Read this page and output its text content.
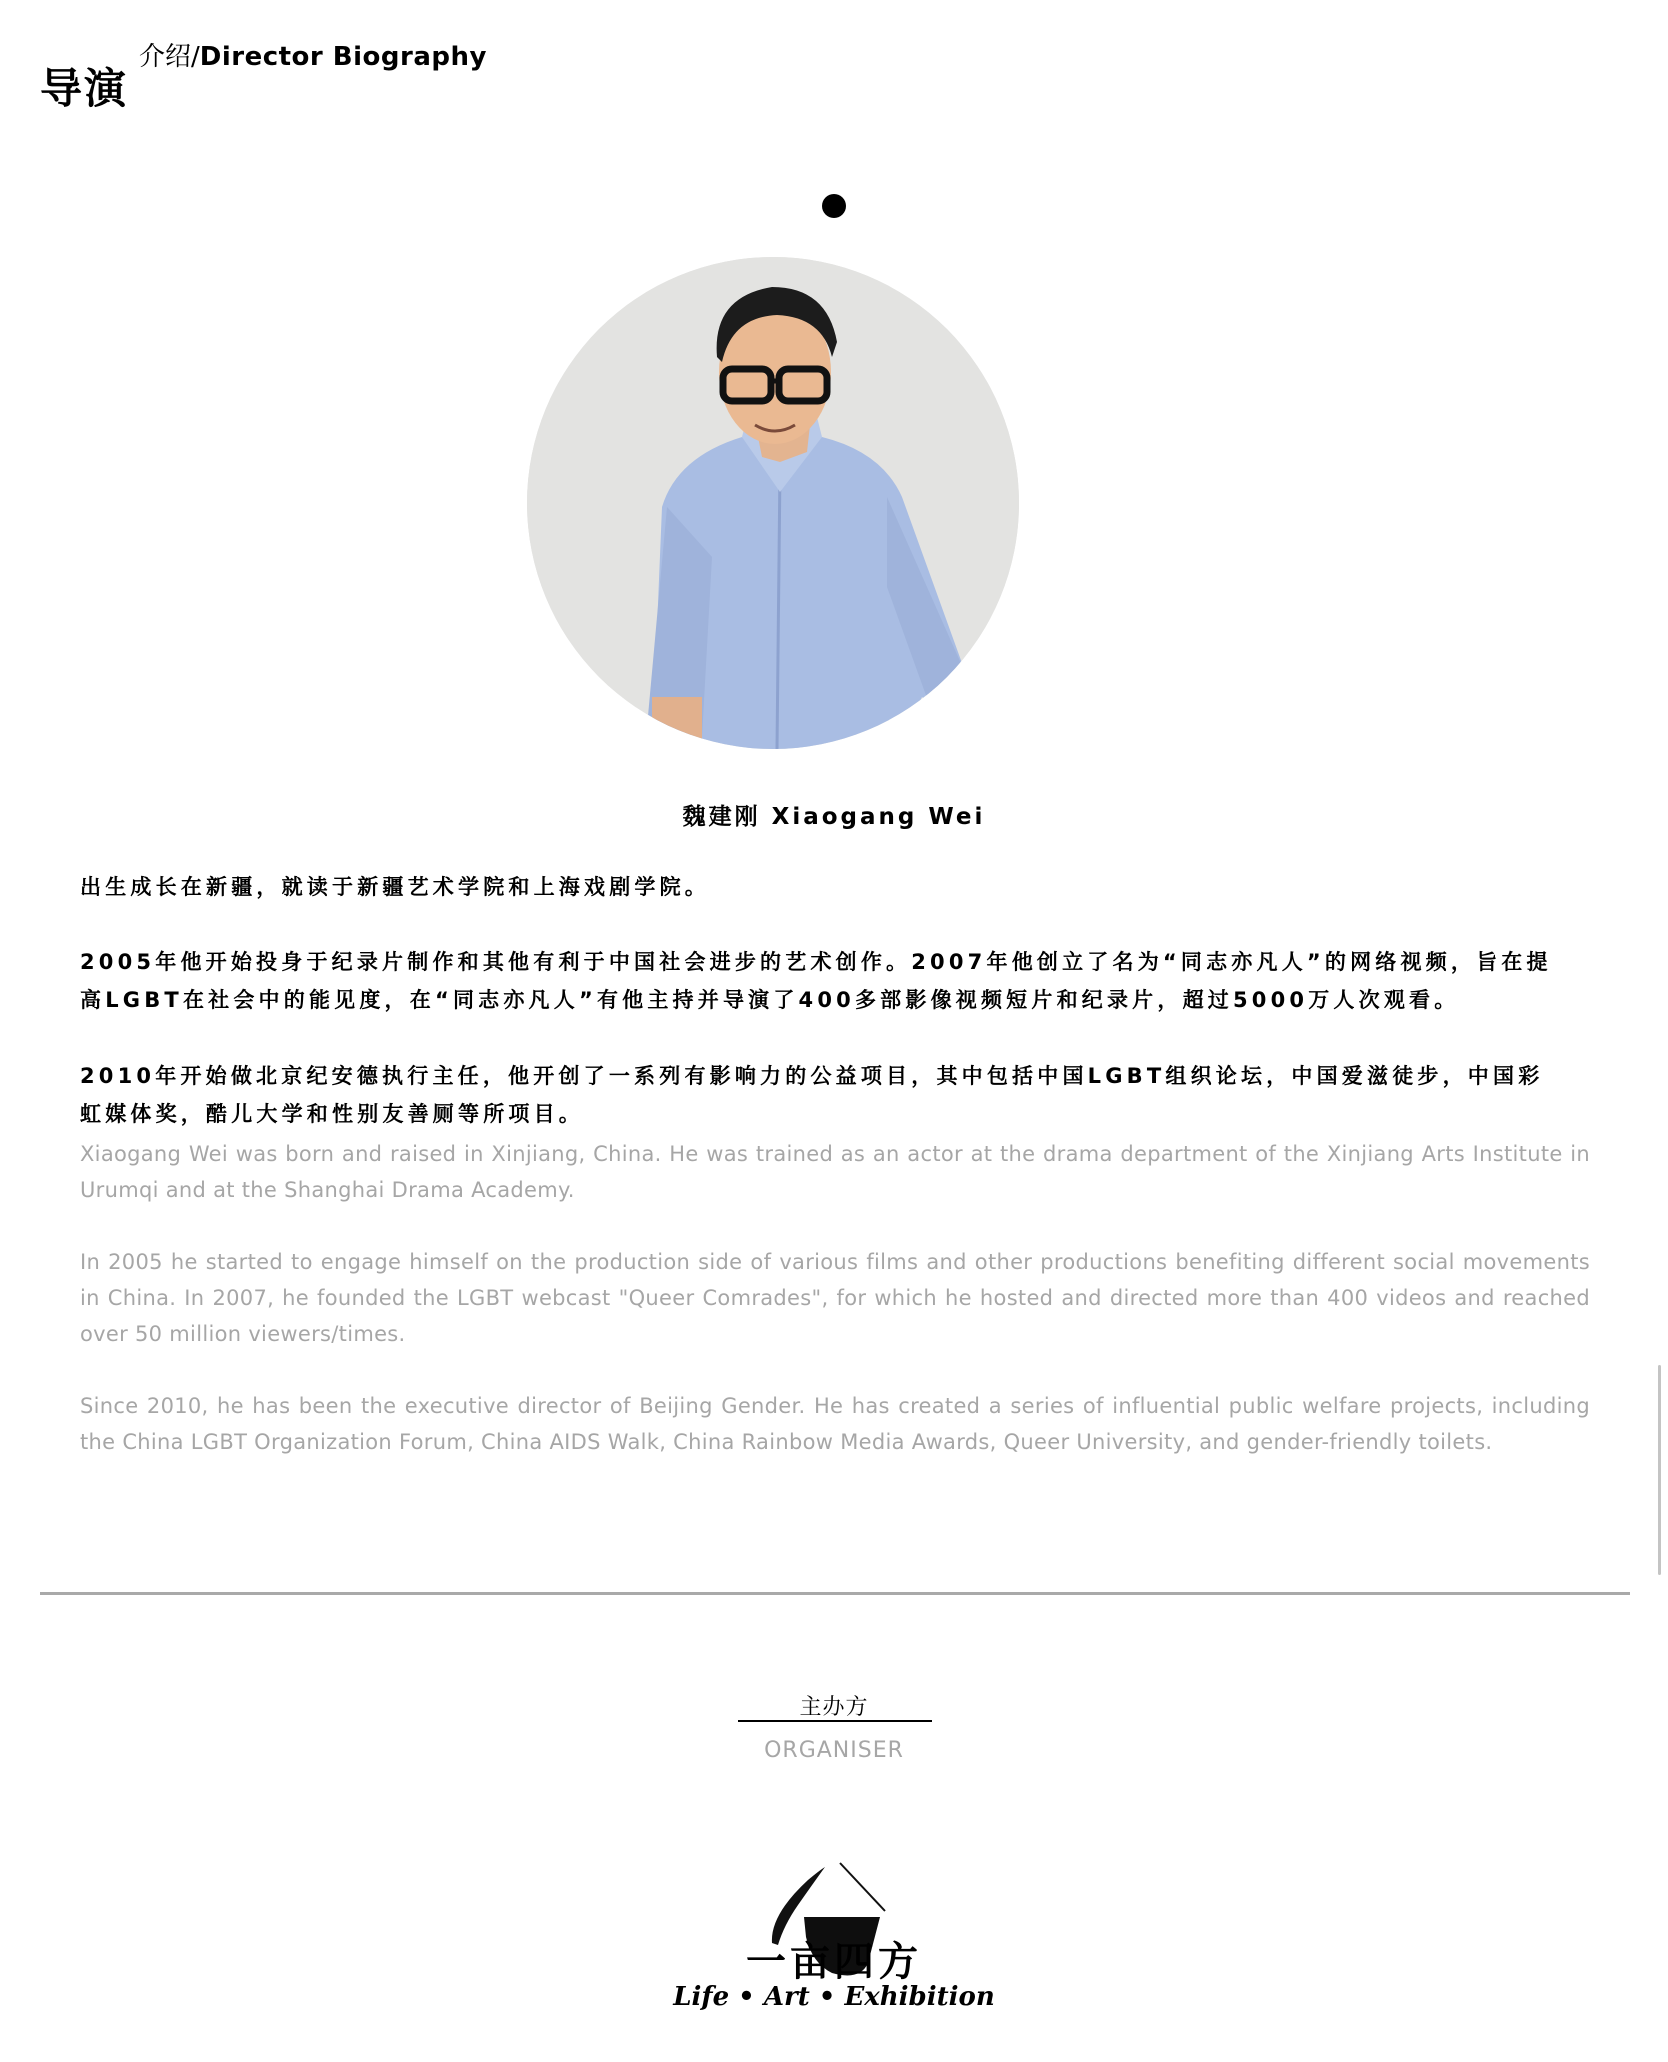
导演
介绍/Director Biography
魏建刚 Xiaogang Wei

出生成长在新疆，就读于新疆艺术学院和上海戏剧学院。

2005年他开始投身于纪录片制作和其他有利于中国社会进步的艺术创作。2007年他创立了名为“同志亦凡人”的网络视频，旨在提
高LGBT在社会中的能见度，在“同志亦凡人”有他主持并导演了400多部影像视频短片和纪录片，超过5000万人次观看。

2010年开始做北京纪安德执行主任，他开创了一系列有影响力的公益项目，其中包括中国LGBT组织论坛，中国爱滋徒步，中国彩
虹媒体奖，酷儿大学和性别友善厕等所项目。

Xiaogang Wei was born and raised in Xinjiang, China. He was trained as an actor at the drama department of the Xinjiang Arts Institute in
Urumqi and at the Shanghai Drama Academy.

In 2005 he started to engage himself on the production side of various films and other productions benefiting different social movements
in China. In 2007, he founded the LGBT webcast "Queer Comrades", for which he hosted and directed more than 400 videos and reached
over 50 million viewers/times.

Since 2010, he has been the executive director of Beijing Gender. He has created a series of influential public welfare projects, including
the China LGBT Organization Forum, China AIDS Walk, China Rainbow Media Awards, Queer University, and gender-friendly toilets.

主办方
ORGANISER
一亩四方
Life • Art • Exhibition
